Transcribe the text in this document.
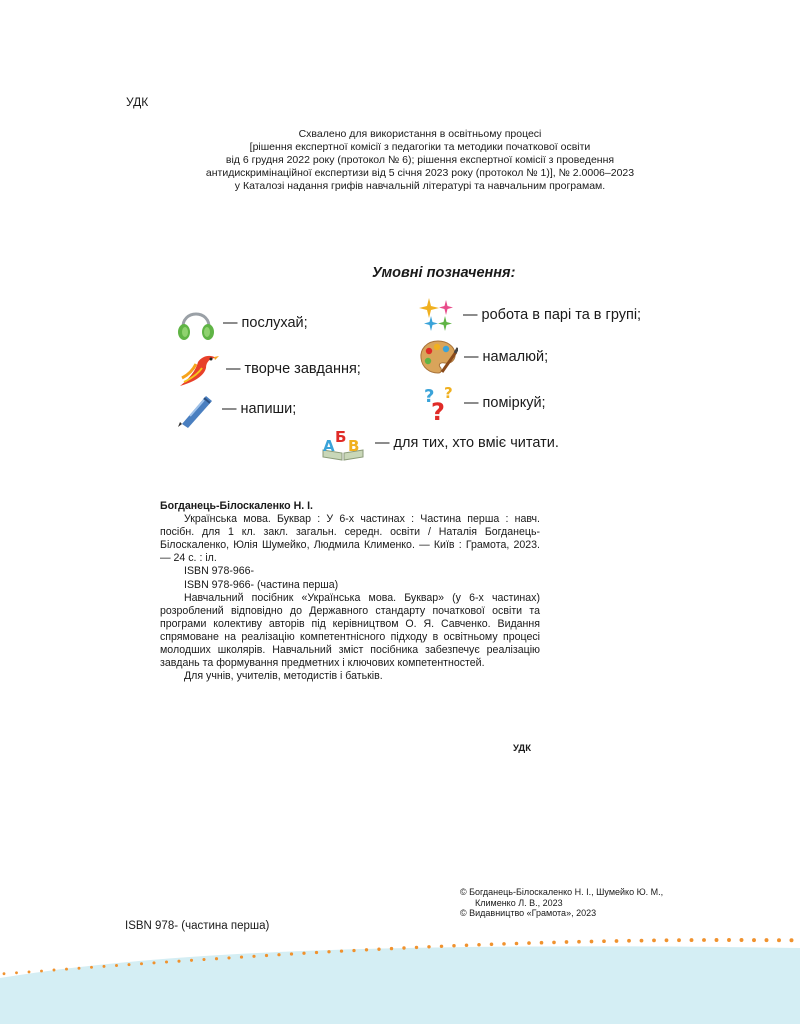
УДК
Схвалено для використання в освітньому процесі
[рішення експертної комісії з педагогіки та методики початкової освіти
від 6 грудня 2022 року (протокол № 6); рішення експертної комісії з проведення
антидискримінаційної експертизи від 5 січня 2023 року (протокол № 1)], № 2.0006–2023
у Каталозі надання грифів навчальній літературі та навчальним програмам.
Умовні позначення:
— послухай;	— робота в парі та в групі;
— творче завдання;
— намалюй;
— напиши;
? ?
? — поміркуй;
А Б В — для тих, хто вміє читати.
Богданець-Білоскаленко Н. І.
Українська мова. Буквар : У 6-х частинах : Частина перша : навч. посібн. для 1 кл. закл. загальн. середн. освіти / Наталія Богданець-Білоскаленко, Юлія Шумейко, Людмила Клименко. — Київ : Грамота, 2023. — 24 с. : іл.
ISBN 978-966-
ISBN 978-966- (частина перша)
Навчальний посібник «Українська мова. Буквар» (у 6-х частинах) розроблений відповідно до Державного стандарту початкової освіти та програми колективу авторів під керівництвом О. Я. Савченко. Видання спрямоване на реалізацію компетентнісного підходу в освітньому процесі молодших школярів. Навчальний зміст посібника забезпечує реалізацію завдань та формування предметних і ключових компетентностей.
Для учнів, учителів, методистів і батьків.
УДК
© Богданець-Білоскаленко Н. І., Шумейко Ю. М.,
Клименко Л. В., 2023
© Видавництво «Грамота», 2023
ISBN 978- (частина перша)
